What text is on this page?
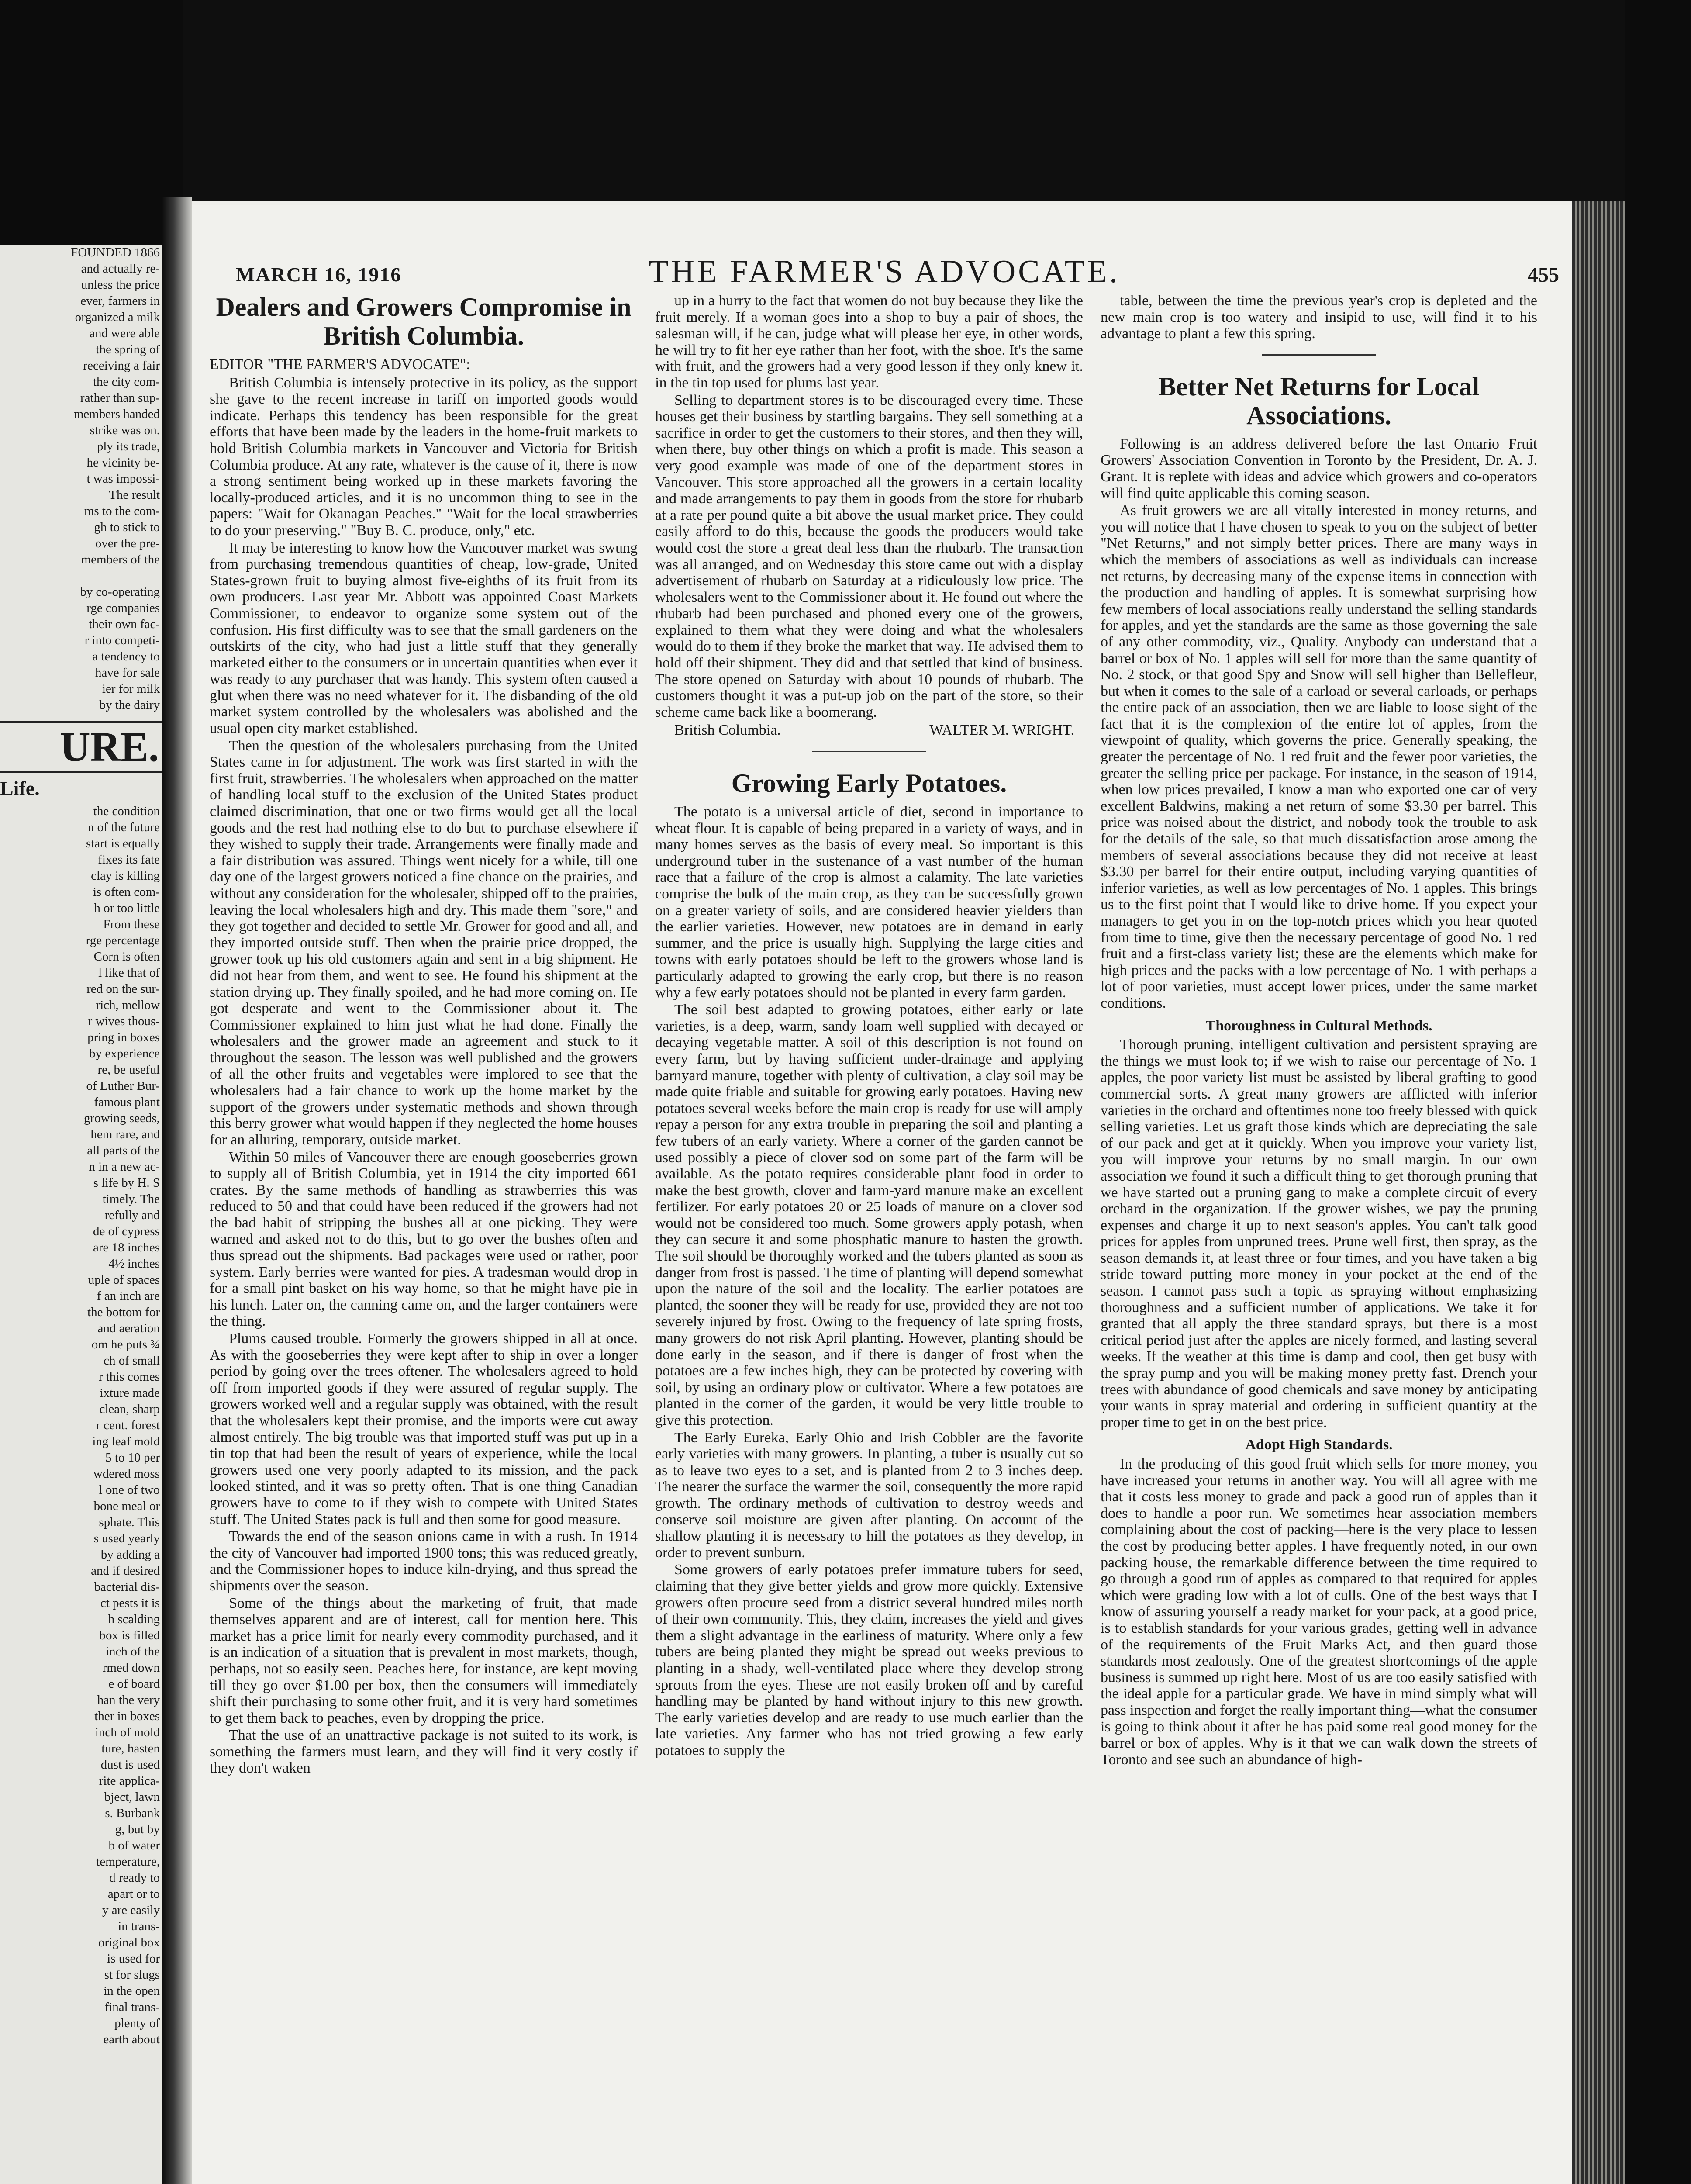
FOUNDED 1866
and actually re-
unless the price
ever, farmers in
organized a milk
and were able
the spring of
receiving a fair
the city com-
rather than sup-
members handed
strike was on.
ply its trade,
he vicinity be-
t was impossi-
The result
ms to the com-
gh to stick to
over the pre-
members of the

by co-operating
rge companies
their own fac-
r into competi-
a tendency to
have for sale
ier for milk
by the dairy
URE.
Life.
the condition
n of the future
start is equally
fixes its fate
clay is killing
is often com-
h or too little
From these
rge percentage
Corn is often
l like that of
red on the sur-
rich, mellow
r wives thous-
pring in boxes
by experience
re, be useful
of Luther Bur-
famous plant
growing seeds,
hem rare, and
all parts of the
n in a new ac-
s life by H. S
timely. The
refully and
de of cypress
are 18 inches
4½ inches
uple of spaces
f an inch are
the bottom for
and aeration
om he puts ¾
ch of small
r this comes
ixture made
clean, sharp
r cent. forest
ing leaf mold
5 to 10 per
wdered moss
l one of two
bone meal or
sphate. This
s used yearly
by adding a
and if desired
bacterial dis-
ct pests it is
h scalding
box is filled
inch of the
rmed down
e of board
han the very
ther in boxes
inch of mold
ture, hasten
dust is used
rite applica-
bject, lawn
s. Burbank
g, but by
b of water
temperature,
d ready to
apart or to
y are easily
in trans-
original box
is used for
st for slugs
in the open
final trans-
plenty of
earth about
MARCH 16, 1916	THE FARMER'S ADVOCATE.	455
Dealers and Growers Compromise in British Columbia.
EDITOR "THE FARMER'S ADVOCATE":

British Columbia is intensely protective in its policy, as the support she gave to the recent increase in tariff on imported goods would indicate. Perhaps this tendency has been responsible for the great efforts that have been made by the leaders in the home-fruit markets to hold British Columbia markets in Vancouver and Victoria for British Columbia produce. At any rate, whatever is the cause of it, there is now a strong sentiment being worked up in these markets favoring the locally-produced articles, and it is no uncommon thing to see in the papers: "Wait for Okanagan Peaches." "Wait for the local strawberries to do your preserving." "Buy B. C. produce, only," etc.

It may be interesting to know how the Vancouver market was swung from purchasing tremendous quantities of cheap, low-grade, United States-grown fruit to buying almost five-eighths of its fruit from its own producers. Last year Mr. Abbott was appointed Coast Markets Commissioner, to endeavor to organize some system out of the confusion. His first difficulty was to see that the small gardeners on the outskirts of the city, who had just a little stuff that they generally marketed either to the consumers or in uncertain quantities when ever it was ready to any purchaser that was handy. This system often caused a glut when there was no need whatever for it. The disbanding of the old market system controlled by the wholesalers was abolished and the usual open city market established.

Then the question of the wholesalers purchasing from the United States came in for adjustment. The work was first started in with the first fruit, strawberries. The wholesalers when approached on the matter of handling local stuff to the exclusion of the United States product claimed discrimination, that one or two firms would get all the local goods and the rest had nothing else to do but to purchase elsewhere if they wished to supply their trade. Arrangements were finally made and a fair distribution was assured. Things went nicely for a while, till one day one of the largest growers noticed a fine chance on the prairies, and without any consideration for the wholesaler, shipped off to the prairies, leaving the local wholesalers high and dry. This made them "sore," and they got together and decided to settle Mr. Grower for good and all, and they imported outside stuff. Then when the prairie price dropped, the grower took up his old customers again and sent in a big shipment. He did not hear from them, and went to see. He found his shipment at the station drying up. They finally spoiled, and he had more coming on. He got desperate and went to the Commissioner about it. The Commissioner explained to him just what he had done. Finally the wholesalers and the grower made an agreement and stuck to it throughout the season. The lesson was well published and the growers of all the other fruits and vegetables were implored to see that the wholesalers had a fair chance to work up the home market by the support of the growers under systematic methods and shown through this berry grower what would happen if they neglected the home houses for an alluring, temporary, outside market.

Within 50 miles of Vancouver there are enough gooseberries grown to supply all of British Columbia, yet in 1914 the city imported 661 crates. By the same methods of handling as strawberries this was reduced to 50 and that could have been reduced if the growers had not the bad habit of stripping the bushes all at one picking. They were warned and asked not to do this, but to go over the bushes often and thus spread out the shipments. Bad packages were used or rather, poor system. Early berries were wanted for pies. A tradesman would drop in for a small pint basket on his way home, so that he might have pie in his lunch. Later on, the canning came on, and the larger containers were the thing.

Plums caused trouble. Formerly the growers shipped in all at once. As with the gooseberries they were kept after to ship in over a longer period by going over the trees oftener. The wholesalers agreed to hold off from imported goods if they were assured of regular supply. The growers worked well and a regular supply was obtained, with the result that the wholesalers kept their promise, and the imports were cut away almost entirely. The big trouble was that imported stuff was put up in a tin top that had been the result of years of experience, while the local growers used one very poorly adapted to its mission, and the pack looked stinted, and it was so pretty often. That is one thing Canadian growers have to come to if they wish to compete with United States stuff. The United States pack is full and then some for good measure.

Towards the end of the season onions came in with a rush. In 1914 the city of Vancouver had imported 1900 tons; this was reduced greatly, and the Commissioner hopes to induce kiln-drying, and thus spread the shipments over the season.

Some of the things about the marketing of fruit, that made themselves apparent and are of interest, call for mention here. This market has a price limit for nearly every commodity purchased, and it is an indication of a situation that is prevalent in most markets, though, perhaps, not so easily seen. Peaches here, for instance, are kept moving till they go over $1.00 per box, then the consumers will immediately shift their purchasing to some other fruit, and it is very hard sometimes to get them back to peaches, even by dropping the price.

That the use of an unattractive package is not suited to its work, is something the farmers must learn, and they will find it very costly if they don't waken

up in a hurry to the fact that women do not buy because they like the fruit merely. If a woman goes into a shop to buy a pair of shoes, the salesman will, if he can, judge what will please her eye, in other words, he will try to fit her eye rather than her foot, with the shoe. It's the same with fruit, and the growers had a very good lesson if they only knew it. in the tin top used for plums last year.

Selling to department stores is to be discouraged every time. These houses get their business by startling bargains. They sell something at a sacrifice in order to get the customers to their stores, and then they will, when there, buy other things on which a profit is made. This season a very good example was made of one of the department stores in Vancouver. This store approached all the growers in a certain locality and made arrangements to pay them in goods from the store for rhubarb at a rate per pound quite a bit above the usual market price. They could easily afford to do this, because the goods the producers would take would cost the store a great deal less than the rhubarb. The transaction was all arranged, and on Wednesday this store came out with a display advertisement of rhubarb on Saturday at a ridiculously low price. The wholesalers went to the Commissioner about it. He found out where the rhubarb had been purchased and phoned every one of the growers, explained to them what they were doing and what the wholesalers would do to them if they broke the market that way. He advised them to hold off their shipment. They did and that settled that kind of business. The store opened on Saturday with about 10 pounds of rhubarb. The customers thought it was a put-up job on the part of the store, so their scheme came back like a boomerang.

British Columbia.	WALTER M. WRIGHT.
Growing Early Potatoes.

The potato is a universal article of diet, second in importance to wheat flour. It is capable of being prepared in a variety of ways, and in many homes serves as the basis of every meal. So important is this underground tuber in the sustenance of a vast number of the human race that a failure of the crop is almost a calamity. The late varieties comprise the bulk of the main crop, as they can be successfully grown on a greater variety of soils, and are considered heavier yielders than the earlier varieties. However, new potatoes are in demand in early summer, and the price is usually high. Supplying the large cities and towns with early potatoes should be left to the growers whose land is particularly adapted to growing the early crop, but there is no reason why a few early potatoes should not be planted in every farm garden.

The soil best adapted to growing potatoes, either early or late varieties, is a deep, warm, sandy loam well supplied with decayed or decaying vegetable matter. A soil of this description is not found on every farm, but by having sufficient under-drainage and applying barnyard manure, together with plenty of cultivation, a clay soil may be made quite friable and suitable for growing early potatoes. Having new potatoes several weeks before the main crop is ready for use will amply repay a person for any extra trouble in preparing the soil and planting a few tubers of an early variety. Where a corner of the garden cannot be used possibly a piece of clover sod on some part of the farm will be available. As the potato requires considerable plant food in order to make the best growth, clover and farm-yard manure make an excellent fertilizer. For early potatoes 20 or 25 loads of manure on a clover sod would not be considered too much. Some growers apply potash, when they can secure it and some phosphatic manure to hasten the growth. The soil should be thoroughly worked and the tubers planted as soon as danger from frost is passed. The time of planting will depend somewhat upon the nature of the soil and the locality. The earlier potatoes are planted, the sooner they will be ready for use, provided they are not too severely injured by frost. Owing to the frequency of late spring frosts, many growers do not risk April planting. However, planting should be done early in the season, and if there is danger of frost when the potatoes are a few inches high, they can be protected by covering with soil, by using an ordinary plow or cultivator. Where a few potatoes are planted in the corner of the garden, it would be very little trouble to give this protection.

The Early Eureka, Early Ohio and Irish Cobbler are the favorite early varieties with many growers. In planting, a tuber is usually cut so as to leave two eyes to a set, and is planted from 2 to 3 inches deep. The nearer the surface the warmer the soil, consequently the more rapid growth. The ordinary methods of cultivation to destroy weeds and conserve soil moisture are given after planting. On account of the shallow planting it is necessary to hill the potatoes as they develop, in order to prevent sunburn.

Some growers of early potatoes prefer immature tubers for seed, claiming that they give better yields and grow more quickly. Extensive growers often procure seed from a district several hundred miles north of their own community. This, they claim, increases the yield and gives them a slight advantage in the earliness of maturity. Where only a few tubers are being planted they might be spread out weeks previous to planting in a shady, well-ventilated place where they develop strong sprouts from the eyes. These are not easily broken off and by careful handling may be planted by hand without injury to this new growth. The early varieties develop and are ready to use much earlier than the late varieties. Any farmer who has not tried growing a few early potatoes to supply the

table, between the time the previous year's crop is depleted and the new main crop is too watery and insipid to use, will find it to his advantage to plant a few this spring.

Better Net Returns for Local Associations.

Following is an address delivered before the last Ontario Fruit Growers' Association Convention in Toronto by the President, Dr. A. J. Grant. It is replete with ideas and advice which growers and co-operators will find quite applicable this coming season.

As fruit growers we are all vitally interested in money returns, and you will notice that I have chosen to speak to you on the subject of better "Net Returns," and not simply better prices. There are many ways in which the members of associations as well as individuals can increase net returns, by decreasing many of the expense items in connection with the production and handling of apples. It is somewhat surprising how few members of local associations really understand the selling standards for apples, and yet the standards are the same as those governing the sale of any other commodity, viz., Quality. Anybody can understand that a barrel or box of No. 1 apples will sell for more than the same quantity of No. 2 stock, or that good Spy and Snow will sell higher than Belleflеur, but when it comes to the sale of a carload or several carloads, or perhaps the entire pack of an association, then we are liable to loose sight of the fact that it is the complexion of the entire lot of apples, from the viewpoint of quality, which governs the price. Generally speaking, the greater the percentage of No. 1 red fruit and the fewer poor varieties, the greater the selling price per package. For instance, in the season of 1914, when low prices prevailed, I know a man who exported one car of very excellent Baldwins, making a net return of some $3.30 per barrel. This price was noised about the district, and nobody took the trouble to ask for the details of the sale, so that much dissatisfaction arose among the members of several associations because they did not receive at least $3.30 per barrel for their entire output, including varying quantities of inferior varieties, as well as low percentages of No. 1 apples. This brings us to the first point that I would like to drive home. If you expect your managers to get you in on the top-notch prices which you hear quoted from time to time, give then the necessary percentage of good No. 1 red fruit and a first-class variety list; these are the elements which make for high prices and the packs with a low percentage of No. 1 with perhaps a lot of poor varieties, must accept lower prices, under the same market conditions.

Thoroughness in Cultural Methods.

Thorough pruning, intelligent cultivation and persistent spraying are the things we must look to; if we wish to raise our percentage of No. 1 apples, the poor variety list must be assisted by liberal grafting to good commercial sorts. A great many growers are afflicted with inferior varieties in the orchard and oftentimes none too freely blessed with quick selling varieties. Let us graft those kinds which are depreciating the sale of our pack and get at it quickly. When you improve your variety list, you will improve your returns by no small margin. In our own association we found it such a difficult thing to get thorough pruning that we have started out a pruning gang to make a complete circuit of every orchard in the organization. If the grower wishes, we pay the pruning expenses and charge it up to next season's apples. You can't talk good prices for apples from unpruned trees. Prune well first, then spray, as the season demands it, at least three or four times, and you have taken a big stride toward putting more money in your pocket at the end of the season. I cannot pass such a topic as spraying without emphasizing thoroughness and a sufficient number of applications. We take it for granted that all apply the three standard sprays, but there is a most critical period just after the apples are nicely formed, and lasting several weeks. If the weather at this time is damp and cool, then get busy with the spray pump and you will be making money pretty fast. Drench your trees with abundance of good chemicals and save money by anticipating your wants in spray material and ordering in sufficient quantity at the proper time to get in on the best price.

Adopt High Standards.

In the producing of this good fruit which sells for more money, you have increased your returns in another way. You will all agree with me that it costs less money to grade and pack a good run of apples than it does to handle a poor run. We sometimes hear association members complaining about the cost of packing—here is the very place to lessen the cost by producing better apples. I have frequently noted, in our own packing house, the remarkable difference between the time required to go through a good run of apples as compared to that required for apples which were grading low with a lot of culls. One of the best ways that I know of assuring yourself a ready market for your pack, at a good price, is to establish standards for your various grades, getting well in advance of the requirements of the Fruit Marks Act, and then guard those standards most zealously. One of the greatest shortcomings of the apple business is summed up right here. Most of us are too easily satisfied with the ideal apple for a particular grade. We have in mind simply what will pass inspection and forget the really important thing—what the consumer is going to think about it after he has paid some real good money for the barrel or box of apples. Why is it that we can walk down the streets of Toronto and see such an abundance of high-
